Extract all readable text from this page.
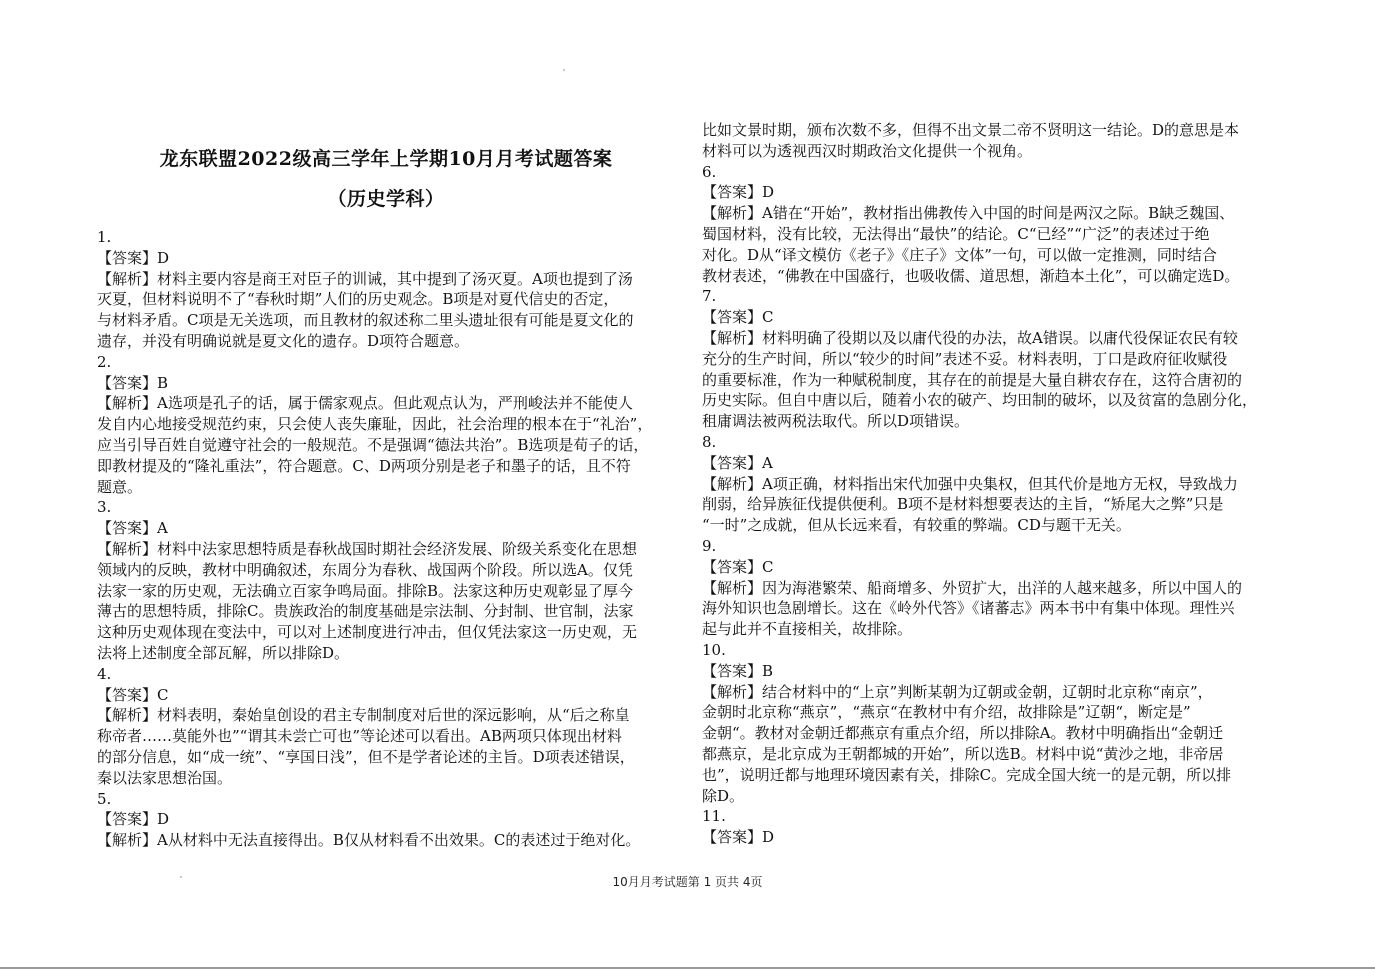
龙东联盟2022级高三学年上学期10月月考试题答案
（历史学科）
1.
【答案】D
【解析】材料主要内容是商王对臣子的训诫，其中提到了汤灭夏。A项也提到了汤
灭夏，但材料说明不了“春秋时期”人们的历史观念。B项是对夏代信史的否定，
与材料矛盾。C项是无关选项，而且教材的叙述称二里头遗址很有可能是夏文化的
遗存，并没有明确说就是夏文化的遗存。D项符合题意。
2.
【答案】B
【解析】A选项是孔子的话，属于儒家观点。但此观点认为，严刑峻法并不能使人
发自内心地接受规范约束，只会使人丧失廉耻，因此，社会治理的根本在于“礼治”，
应当引导百姓自觉遵守社会的一般规范。不是强调“德法共治”。B选项是荀子的话，
即教材提及的“隆礼重法”，符合题意。C、D两项分别是老子和墨子的话，且不符
题意。
3.
【答案】A
【解析】材料中法家思想特质是春秋战国时期社会经济发展、阶级关系变化在思想
领域内的反映，教材中明确叙述，东周分为春秋、战国两个阶段。所以选A。仅凭
法家一家的历史观，无法确立百家争鸣局面。排除B。法家这种历史观彰显了厚今
薄古的思想特质，排除C。贵族政治的制度基础是宗法制、分封制、世官制，法家
这种历史观体现在变法中，可以对上述制度进行冲击，但仅凭法家这一历史观，无
法将上述制度全部瓦解，所以排除D。
4.
【答案】C
【解析】材料表明，秦始皇创设的君主专制制度对后世的深远影响，从“后之称皇
称帝者……莫能外也”“谓其未尝亡可也”等论述可以看出。AB两项只体现出材料
的部分信息，如“成一统”、“享国日浅”，但不是学者论述的主旨。D项表述错误，
秦以法家思想治国。
5.
【答案】D
【解析】A从材料中无法直接得出。B仅从材料看不出效果。C的表述过于绝对化。
比如文景时期，颁布次数不多，但得不出文景二帝不贤明这一结论。D的意思是本
材料可以为透视西汉时期政治文化提供一个视角。
6.
【答案】D
【解析】A错在“开始”，教材指出佛教传入中国的时间是两汉之际。B缺乏魏国、
蜀国材料，没有比较，无法得出“最快”的结论。C“已经”“广泛”的表述过于绝
对化。D从“译文模仿《老子》《庄子》文体”一句，可以做一定推测，同时结合
教材表述，“佛教在中国盛行，也吸收儒、道思想，渐趋本土化”，可以确定选D。
7.
【答案】C
【解析】材料明确了役期以及以庸代役的办法，故A错误。以庸代役保证农民有较
充分的生产时间，所以“较少的时间”表述不妥。材料表明，丁口是政府征收赋役
的重要标准，作为一种赋税制度，其存在的前提是大量自耕农存在，这符合唐初的
历史实际。但自中唐以后，随着小农的破产、均田制的破坏，以及贫富的急剧分化，
租庸调法被两税法取代。所以D项错误。
8.
【答案】A
【解析】A项正确，材料指出宋代加强中央集权，但其代价是地方无权，导致战力
削弱，给异族征伐提供便利。B项不是材料想要表达的主旨，“矫尾大之弊”只是
“一时”之成就，但从长远来看，有较重的弊端。CD与题干无关。
9.
【答案】C
【解析】因为海港繁荣、船商增多、外贸扩大，出洋的人越来越多，所以中国人的
海外知识也急剧增长。这在《岭外代答》《诸蕃志》两本书中有集中体现。理性兴
起与此并不直接相关，故排除。
10.
【答案】B
【解析】结合材料中的“上京”判断某朝为辽朝或金朝，辽朝时北京称“南京”，
金朝时北京称“燕京”，“燕京“在教材中有介绍，故排除是”辽朝“，断定是”
金朝“。教材对金朝迁都燕京有重点介绍，所以排除A。教材中明确指出“金朝迁
都燕京，是北京成为王朝都城的开始”，所以选B。材料中说“黄沙之地，非帝居
也”，说明迁都与地理环境因素有关，排除C。完成全国大统一的是元朝，所以排
除D。
11.
【答案】D
10月月考试题第 1 页共 4页
